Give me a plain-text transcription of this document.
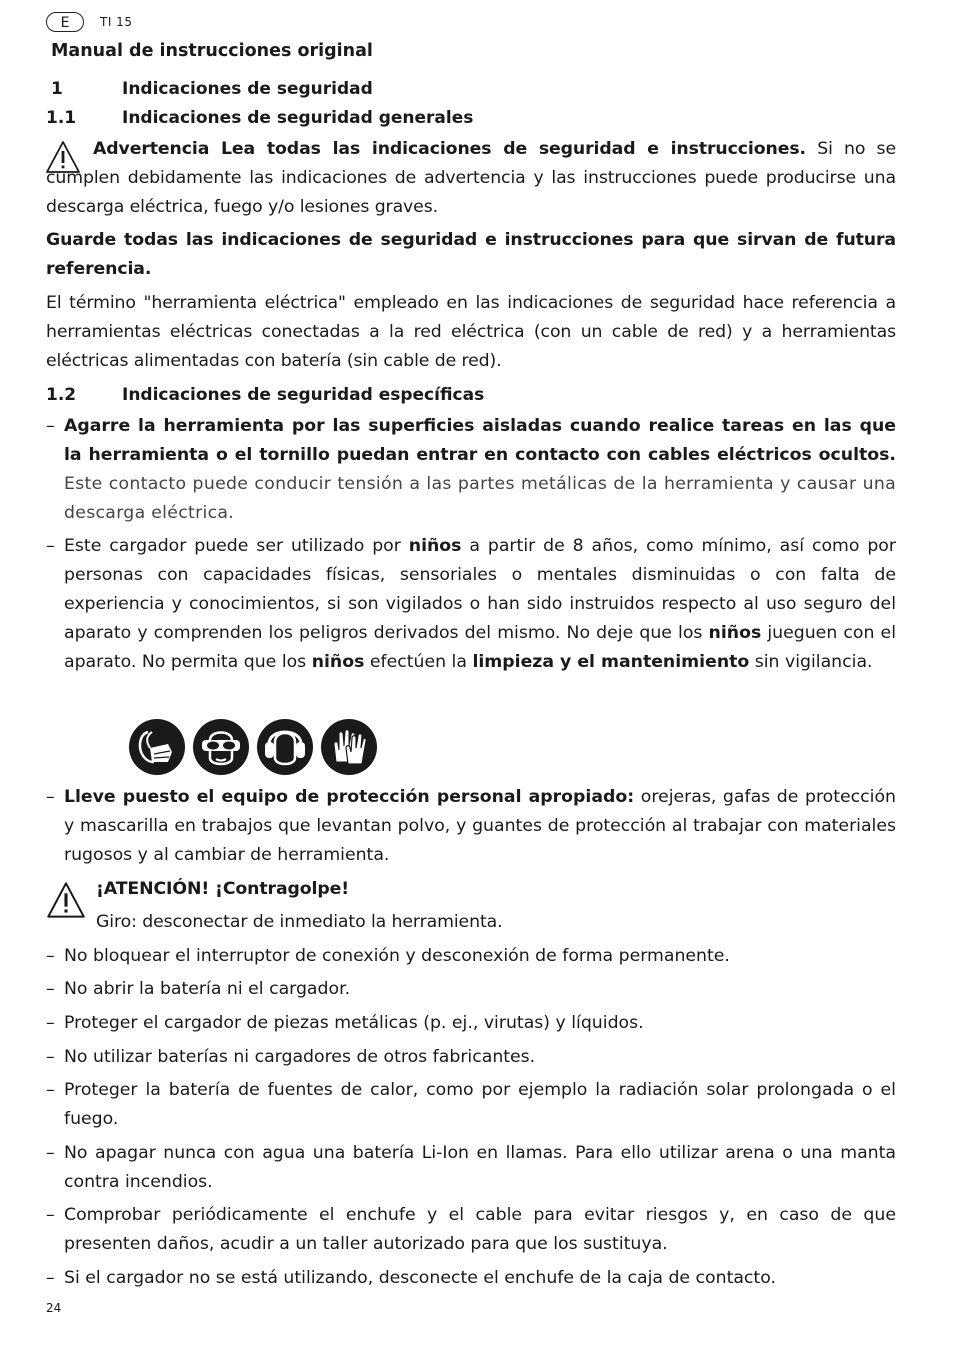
E	TI 15
Manual de instrucciones original
1	Indicaciones de seguridad
1.1	Indicaciones de seguridad generales
Advertencia Lea todas las indicaciones de seguridad e instrucciones. Si no se cumplen debidamente las indicaciones de advertencia y las instrucciones puede producirse una descarga eléctrica, fuego y/o lesiones graves.
Guarde todas las indicaciones de seguridad e instrucciones para que sirvan de futura referencia.
El término "herramienta eléctrica" empleado en las indicaciones de seguridad hace referencia a herramientas eléctricas conectadas a la red eléctrica (con un cable de red) y a herramientas eléctricas alimentadas con batería (sin cable de red).
1.2	Indicaciones de seguridad específicas
– Agarre la herramienta por las superficies aisladas cuando realice tareas en las que la herramienta o el tornillo puedan entrar en contacto con cables eléctricos ocultos. Este contacto puede conducir tensión a las partes metálicas de la herramienta y causar una descarga eléctrica.
– Este cargador puede ser utilizado por niños a partir de 8 años, como mínimo, así como por personas con capacidades físicas, sensoriales o mentales disminuidas o con falta de experiencia y conocimientos, si son vigilados o han sido instruidos respecto al uso seguro del aparato y comprenden los peligros derivados del mismo. No deje que los niños jueguen con el aparato. No permita que los niños efectúen la limpieza y el mantenimiento sin vigilancia.
– Lleve puesto el equipo de protección personal apropiado: orejeras, gafas de protección y mascarilla en trabajos que levantan polvo, y guantes de protección al trabajar con materiales rugosos y al cambiar de herramienta.
¡ATENCIÓN! ¡Contragolpe!
Giro: desconectar de inmediato la herramienta.
– No bloquear el interruptor de conexión y desconexión de forma permanente.
– No abrir la batería ni el cargador.
– Proteger el cargador de piezas metálicas (p. ej., virutas) y líquidos.
– No utilizar baterías ni cargadores de otros fabricantes.
– Proteger la batería de fuentes de calor, como por ejemplo la radiación solar prolongada o el fuego.
– No apagar nunca con agua una batería Li-Ion en llamas. Para ello utilizar arena o una manta contra incendios.
– Comprobar periódicamente el enchufe y el cable para evitar riesgos y, en caso de que presenten daños, acudir a un taller autorizado para que los sustituya.
– Si el cargador no se está utilizando, desconecte el enchufe de la caja de contacto.
24
